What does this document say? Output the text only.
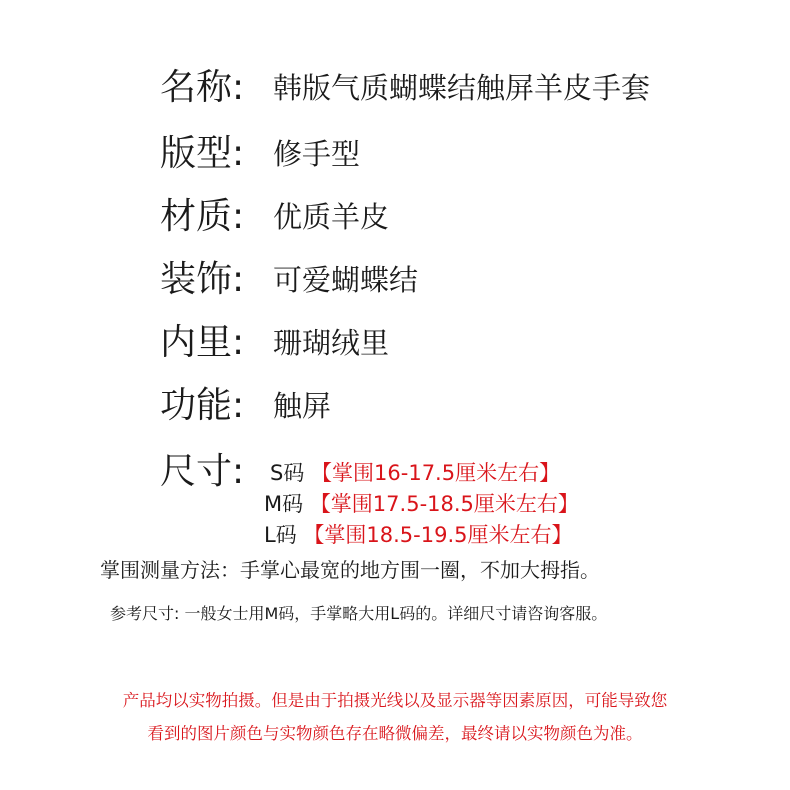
名称: 韩版气质蝴蝶结触屏羊皮手套
版型: 修手型
材质: 优质羊皮
装饰: 可爱蝴蝶结
内里: 珊瑚绒里
功能: 触屏
尺寸: S码 【掌围16-17.5厘米左右】
M码 【掌围17.5-18.5厘米左右】
L码 【掌围18.5-19.5厘米左右】
掌围测量方法：手掌心最宽的地方围一圈，不加大拇指。
参考尺寸: 一般女士用M码，手掌略大用L码的。详细尺寸请咨询客服。
产品均以实物拍摄。但是由于拍摄光线以及显示器等因素原因，可能导致您
看到的图片颜色与实物颜色存在略微偏差，最终请以实物颜色为准。
